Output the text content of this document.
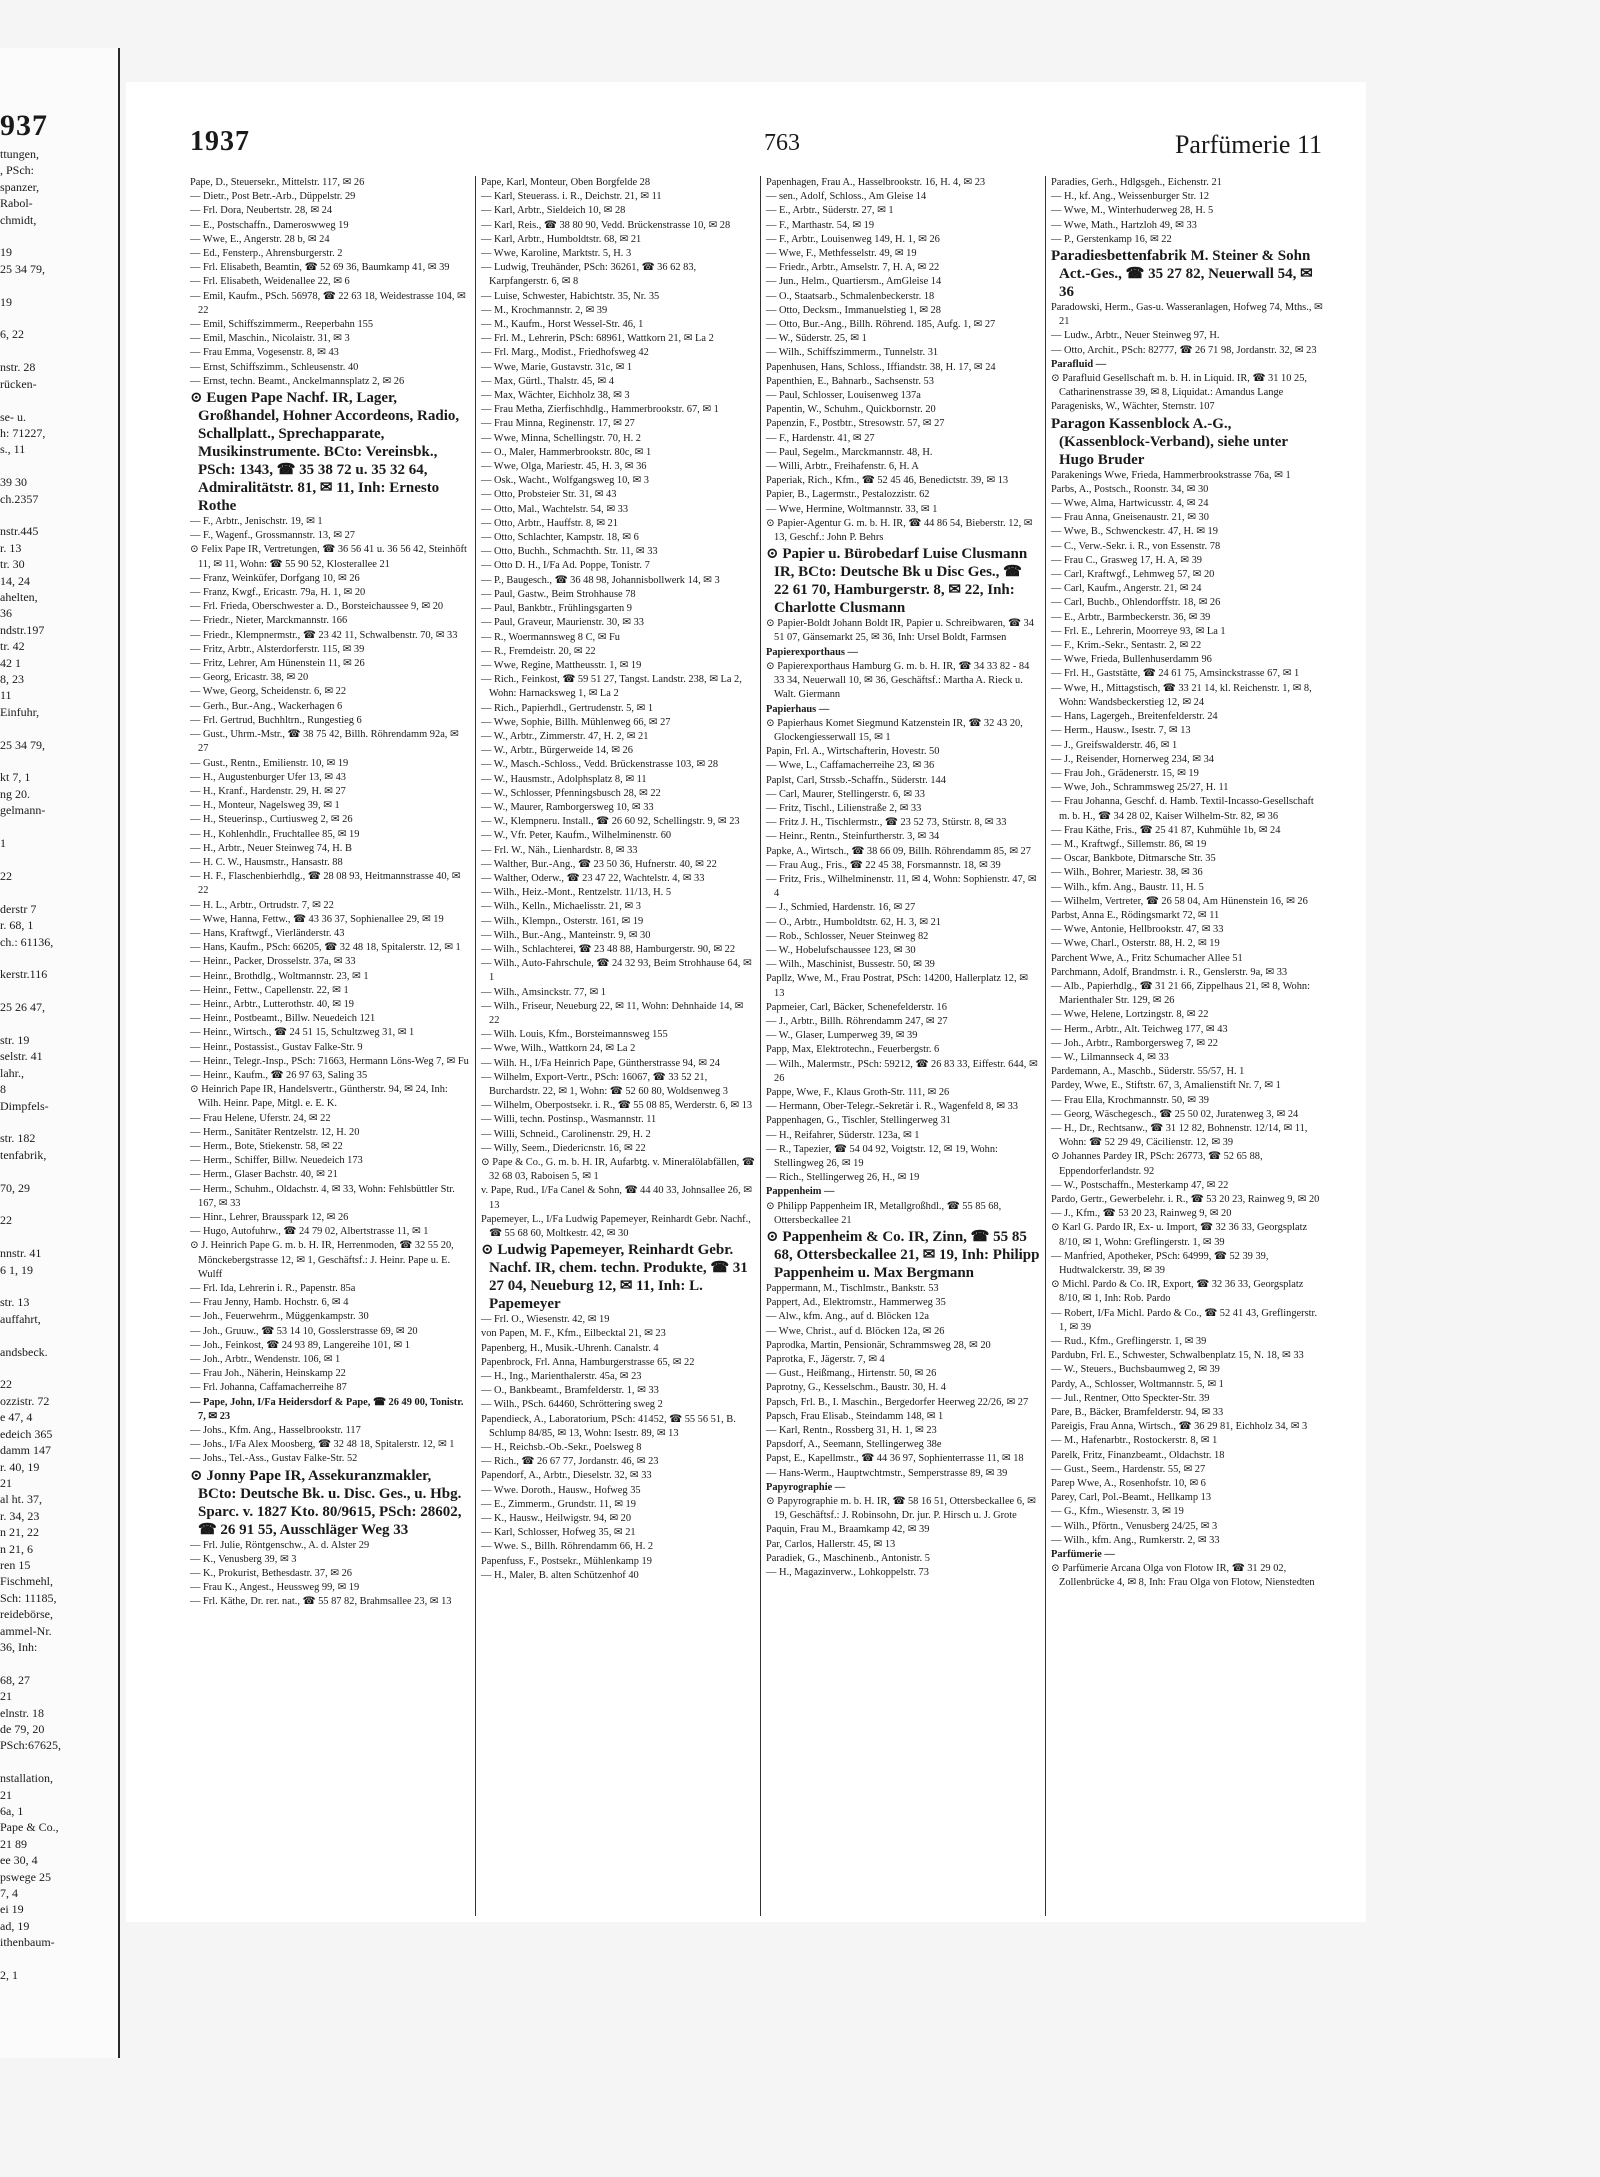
937
ttungen,
, PSch:
spanzer,
Rabol-
chmidt,

19
25 34 79,

19

6, 22

nstr. 28
rücken-

se- u.
h: 71227,
s., 11

39 30
ch.2357

nstr.445
r. 13
tr. 30
14, 24
ahelten,
36
ndstr.197
tr. 42
42 1
8, 23
11
Einfuhr,

25 34 79,

kt 7, 1
ng 20.
gelmann-

1

22

derstr 7
r. 68, 1
ch.: 61136,

kerstr.116

25 26 47,

str. 19
selstr. 41
lahr.,
8
Dimpfels-

str. 182
tenfabrik,

70, 29

22

nnstr. 41
6 1, 19

str. 13
auffahrt,

andsbeck.

22
ozzistr. 72
e 47, 4
edeich 365
damm 147
r. 40, 19
21
al ht. 37,
r. 34, 23
n 21, 22
n 21, 6
ren 15
Fischmehl,
Sch: 11185,
reidebörse,
ammel-Nr.
36, Inh:

68, 27
21
elnstr. 18
de 79, 20
PSch:67625,

nstallation,
21
6a, 1
Pape & Co.,
21 89
ee 30, 4
pswege 25
7, 4
ei 19
ad, 19
ithenbaum-

2, 1
1937	763	Parfümerie 11
Pape, D., Steuersekr., Mittelstr. 117, ✉ 26
— Dietr., Post Betr.-Arb., Düppelstr. 29
— Frl. Dora, Neubertstr. 28, ✉ 24
— E., Postschaffn., Dameroswweg 19
— Wwe, E., Angerstr. 28 b, ✉ 24
— Ed., Fensterp., Ahrensburgerstr. 2
— Frl. Elisabeth, Beamtin, ☎ 52 69 36, Baumkamp 41, ✉ 39
— Frl. Elisabeth, Weidenallee 22, ✉ 6
— Emil, Kaufm., PSch. 56978, ☎ 22 63 18, Weidestrasse 104, ✉ 22
— Emil, Schiffszimmerm., Reeperbahn 155
— Emil, Maschin., Nicolaistr. 31, ✉ 3
— Frau Emma, Vogesenstr. 8, ✉ 43
— Ernst, Schiffszimm., Schleusenstr. 40
— Ernst, techn. Beamt., Anckelmannsplatz 2, ✉ 26
⊙ Eugen Pape Nachf. IR, Lager, Großhandel, Hohner Accordeons, Radio, Schallplatt., Sprechapparate, Musikinstrumente. BCto: Vereinsbk., PSch: 1343, ☎ 35 38 72 u. 35 32 64, Admiralitätstr. 81, ✉ 11, Inh: Ernesto Rothe
— F., Arbtr., Jenischstr. 19, ✉ 1
— F., Wagenf., Grossmannstr. 13, ✉ 27
⊙ Felix Pape IR, Vertretungen, ☎ 36 56 41 u. 36 56 42, Steinhöft 11, ✉ 11, Wohn: ☎ 55 90 52, Klosterallee 21
— Franz, Weinküfer, Dorfgang 10, ✉ 26
— Franz, Kwgf., Ericastr. 79a, H. 1, ✉ 20
— Frl. Frieda, Oberschwester a. D., Borsteichaussee 9, ✉ 20
— Friedr., Nieter, Marckmannstr. 166
— Friedr., Klempnermstr., ☎ 23 42 11, Schwalbenstr. 70, ✉ 33
— Fritz, Arbtr., Alsterdorferstr. 115, ✉ 39
— Fritz, Lehrer, Am Hünenstein 11, ✉ 26
— Georg, Ericastr. 38, ✉ 20
— Wwe, Georg, Scheidenstr. 6, ✉ 22
— Gerh., Bur.-Ang., Wackerhagen 6
— Frl. Gertrud, Buchhltrn., Rungestieg 6
— Gust., Uhrm.-Mstr., ☎ 38 75 42, Billh. Röhrendamm 92a, ✉ 27
— Gust., Rentn., Emilienstr. 10, ✉ 19
— H., Augustenburger Ufer 13, ✉ 43
— H., Kranf., Hardenstr. 29, H. ✉ 27
— H., Monteur, Nagelsweg 39, ✉ 1
— H., Steuerinsp., Curtiusweg 2, ✉ 26
— H., Kohlenhdlr., Fruchtallee 85, ✉ 19
— H., Arbtr., Neuer Steinweg 74, H. B
— H. C. W., Hausmstr., Hansastr. 88
— H. F., Flaschenbierhdlg., ☎ 28 08 93, Heitmannstrasse 40, ✉ 22
— H. L., Arbtr., Ortrudstr. 7, ✉ 22
— Wwe, Hanna, Fettw., ☎ 43 36 37, Sophienallee 29, ✉ 19
— Hans, Kraftwgf., Vierländerstr. 43
— Hans, Kaufm., PSch: 66205, ☎ 32 48 18, Spitalerstr. 12, ✉ 1
— Heinr., Packer, Drosselstr. 37a, ✉ 33
— Heinr., Brothdlg., Woltmannstr. 23, ✉ 1
— Heinr., Fettw., Capellenstr. 22, ✉ 1
— Heinr., Arbtr., Lutterothstr. 40, ✉ 19
— Heinr., Postbeamt., Billw. Neuedeich 121
— Heinr., Wirtsch., ☎ 24 51 15, Schultzweg 31, ✉ 1
— Heinr., Postassist., Gustav Falke-Str. 9
— Heinr., Telegr.-Insp., PSch: 71663, Hermann Löns-Weg 7, ✉ Fu
— Heinr., Kaufm., ☎ 26 97 63, Saling 35
⊙ Heinrich Pape IR, Handelsvertr., Güntherstr. 94, ✉ 24, Inh: Wilh. Heinr. Pape, Mitgl. e. E. K.
— Frau Helene, Uferstr. 24, ✉ 22
— Herm., Sanitäter Rentzelstr. 12, H. 20
— Herm., Bote, Stiekenstr. 58, ✉ 22
— Herm., Schiffer, Billw. Neuedeich 173
— Herm., Glaser Bachstr. 40, ✉ 21
— Herm., Schuhm., Oldachstr. 4, ✉ 33, Wohn: Fehlsbüttler Str. 167, ✉ 33
— Hinr., Lehrer, Brausspark 12, ✉ 26
— Hugo, Autofuhrw., ☎ 24 79 02, Albertstrasse 11, ✉ 1
⊙ J. Heinrich Pape G. m. b. H. IR, Herrenmoden, ☎ 32 55 20, Mönckebergstrasse 12, ✉ 1, Geschäftsf.: J. Heinr. Pape u. E. Wulff
— Frl. Ida, Lehrerin i. R., Papenstr. 85a
— Frau Jenny, Hamb. Hochstr. 6, ✉ 4
— Joh., Feuerwehrm., Müggenkampstr. 30
— Joh., Gruuw., ☎ 53 14 10, Gosslerstrasse 69, ✉ 20
— Joh., Feinkost, ☎ 24 93 89, Langereihe 101, ✉ 1
— Joh., Arbtr., Wendenstr. 106, ✉ 1
— Frau Joh., Näherin, Heinskamp 22
— Frl. Johanna, Caffamacherreihe 87
— Pape, John, I/Fa Heidersdorf & Pape, ☎ 26 49 00, Tonistr. 7, ✉ 23
— Johs., Kfm. Ang., Hasselbrookstr. 117
— Johs., I/Fa Alex Moosberg, ☎ 32 48 18, Spitalerstr. 12, ✉ 1
— Johs., Tel.-Ass., Gustav Falke-Str. 52
⊙ Jonny Pape IR, Assekuranzmakler, BCto: Deutsche Bk. u. Disc. Ges., u. Hbg. Sparc. v. 1827 Kto. 80/9615, PSch: 28602, ☎ 26 91 55, Ausschläger Weg 33
— Frl. Julie, Röntgenschw., A. d. Alster 29
— K., Venusberg 39, ✉ 3
— K., Prokurist, Bethesdastr. 37, ✉ 26
— Frau K., Angest., Heussweg 99, ✉ 19
— Frl. Käthe, Dr. rer. nat., ☎ 55 87 82, Brahmsallee 23, ✉ 13
Pape, Karl, Monteur, Oben Borgfelde 28
— Karl, Steuerass. i. R., Deichstr. 21, ✉ 11
— Karl, Arbtr., Sieldeich 10, ✉ 28
— Karl, Reis., ☎ 38 80 90, Vedd. Brückenstrasse 10, ✉ 28
— Karl, Arbtr., Humboldtstr. 68, ✉ 21
— Wwe, Karoline, Marktstr. 5, H. 3
— Ludwig, Treuhänder, PSch: 36261, ☎ 36 62 83, Karpfangerstr. 6, ✉ 8
— Luise, Schwester, Habichtstr. 35, Nr. 35
— M., Krochmannstr. 2, ✉ 39
— M., Kaufm., Horst Wessel-Str. 46, 1
— Frl. M., Lehrerin, PSch: 68961, Wattkorn 21, ✉ La 2
— Frl. Marg., Modist., Friedhofsweg 42
— Wwe, Marie, Gustavstr. 31c, ✉ 1
— Max, Gürtl., Thalstr. 45, ✉ 4
— Max, Wächter, Eichholz 38, ✉ 3
— Frau Metha, Zierfischhdlg., Hammerbrookstr. 67, ✉ 1
— Frau Minna, Reginenstr. 17, ✉ 27
— Wwe, Minna, Schellingstr. 70, H. 2
— O., Maler, Hammerbrookstr. 80c, ✉ 1
— Wwe, Olga, Mariestr. 45, H. 3, ✉ 36
— Osk., Wacht., Wolfgangsweg 10, ✉ 3
— Otto, Probsteier Str. 31, ✉ 43
— Otto, Mal., Wachtelstr. 54, ✉ 33
— Otto, Arbtr., Hauffstr. 8, ✉ 21
— Otto, Schlachter, Kampstr. 18, ✉ 6
— Otto, Buchh., Schmachth. Str. 11, ✉ 33
— Otto D. H., I/Fa Ad. Poppe, Tonistr. 7
— P., Baugesch., ☎ 36 48 98, Johannisbollwerk 14, ✉ 3
— Paul, Gastw., Beim Strohhause 78
— Paul, Bankbtr., Frühlingsgarten 9
— Paul, Graveur, Maurienstr. 30, ✉ 33
— R., Woermannsweg 8 C, ✉ Fu
— R., Fremdeistr. 20, ✉ 22
— Wwe, Regine, Mattheusstr. 1, ✉ 19
— Rich., Feinkost, ☎ 59 51 27, Tangst. Landstr. 238, ✉ La 2, Wohn: Harnacksweg 1, ✉ La 2
— Rich., Papierhdl., Gertrudenstr. 5, ✉ 1
— Wwe, Sophie, Billh. Mühlenweg 66, ✉ 27
— W., Arbtr., Zimmerstr. 47, H. 2, ✉ 21
— W., Arbtr., Bürgerweide 14, ✉ 26
— W., Masch.-Schloss., Vedd. Brückenstrasse 103, ✉ 28
— W., Hausmstr., Adolphsplatz 8, ✉ 11
— W., Schlosser, Pfenningsbusch 28, ✉ 22
— W., Maurer, Ramborgersweg 10, ✉ 33
— W., Klempneru. Install., ☎ 26 60 92, Schellingstr. 9, ✉ 23
— W., Vfr. Peter, Kaufm., Wilhelminenstr. 60
— Frl. W., Näh., Lienhardstr. 8, ✉ 33
— Walther, Bur.-Ang., ☎ 23 50 36, Hufnerstr. 40, ✉ 22
— Walther, Oderw., ☎ 23 47 22, Wachtelstr. 4, ✉ 33
— Wilh., Heiz.-Mont., Rentzelstr. 11/13, H. 5
— Wilh., Kelln., Michaelisstr. 21, ✉ 3
— Wilh., Klempn., Osterstr. 161, ✉ 19
— Wilh., Bur.-Ang., Manteinstr. 9, ✉ 30
— Wilh., Schlachterei, ☎ 23 48 88, Hamburgerstr. 90, ✉ 22
— Wilh., Auto-Fahrschule, ☎ 24 32 93, Beim Strohhause 64, ✉ 1
— Wilh., Amsinckstr. 77, ✉ 1
— Wilh., Friseur, Neueburg 22, ✉ 11, Wohn: Dehnhaide 14, ✉ 22
— Wilh. Louis, Kfm., Borsteimannsweg 155
— Wwe, Wilh., Wattkorn 24, ✉ La 2
— Wilh. H., I/Fa Heinrich Pape, Güntherstrasse 94, ✉ 24
— Wilhelm, Export-Vertr., PSch: 16067, ☎ 33 52 21, Burchardstr. 22, ✉ 1, Wohn: ☎ 52 60 80, Woldsenweg 3
— Wilhelm, Oberpostsekr. i. R., ☎ 55 08 85, Werderstr. 6, ✉ 13
— Willi, techn. Postinsp., Wasmannstr. 11
— Willi, Schneid., Carolinenstr. 29, H. 2
— Willy, Seem., Diedericnstr. 16, ✉ 22
⊙ Pape & Co., G. m. b. H. IR, Aufarbtg. v. Mineralölabfällen, ☎ 32 68 03, Raboisen 5, ✉ 1
v. Pape, Rud., I/Fa Canel & Sohn, ☎ 44 40 33, Johnsallee 26, ✉ 13
Papemeyer, L., I/Fa Ludwig Papemeyer, Reinhardt Gebr. Nachf., ☎ 55 68 60, Moltkestr. 42, ✉ 30
⊙ Ludwig Papemeyer, Reinhardt Gebr. Nachf. IR, chem. techn. Produkte, ☎ 31 27 04, Neueburg 12, ✉ 11, Inh: L. Papemeyer
— Frl. O., Wiesenstr. 42, ✉ 19
von Papen, M. F., Kfm., Eilbecktal 21, ✉ 23
Papenberg, H., Musik.-Uhrenh. Canalstr. 4
Papenbrock, Frl. Anna, Hamburgerstrasse 65, ✉ 22
— H., Ing., Marienthalerstr. 45a, ✉ 23
— O., Bankbeamt., Bramfelderstr. 1, ✉ 33
— Wilh., PSch. 64460, Schröttering sweg 2
Papendieck, A., Laboratorium, PSch: 41452, ☎ 55 56 51, B. Schlump 84/85, ✉ 13, Wohn: Isestr. 89, ✉ 13
— H., Reichsb.-Ob.-Sekr., Poelsweg 8
— Rich., ☎ 26 67 77, Jordanstr. 46, ✉ 23
Papendorf, A., Arbtr., Dieselstr. 32, ✉ 33
— Wwe. Doroth., Hausw., Hofweg 35
— E., Zimmerm., Grundstr. 11, ✉ 19
— K., Hausw., Heilwigstr. 94, ✉ 20
— Karl, Schlosser, Hofweg 35, ✉ 21
— Wwe. S., Billh. Röhrendamm 66, H. 2
Papenfuss, F., Postsekr., Mühlenkamp 19
— H., Maler, B. alten Schützenhof 40
Papenhagen, Frau A., Hasselbrookstr. 16, H. 4, ✉ 23
— sen., Adolf, Schloss., Am Gleise 14
— E., Arbtr., Süderstr. 27, ✉ 1
— F., Marthastr. 54, ✉ 19
— F., Arbtr., Louisenweg 149, H. 1, ✉ 26
— Wwe, F., Methfesselstr. 49, ✉ 19
— Friedr., Arbtr., Amselstr. 7, H. A, ✉ 22
— Jun., Helm., Quartiersm., AmGleise 14
— O., Staatsarb., Schmalenbeckerstr. 18
— Otto, Decksm., Immanuelstieg 1, ✉ 28
— Otto, Bur.-Ang., Billh. Röhrend. 185, Aufg. 1, ✉ 27
— W., Süderstr. 25, ✉ 1
— Wilh., Schiffszimmerm., Tunnelstr. 31
Papenhusen, Hans, Schloss., Iffiandstr. 38, H. 17, ✉ 24
Papenthien, E., Bahnarb., Sachsenstr. 53
— Paul, Schlosser, Louisenweg 137a
Papentin, W., Schuhm., Quickbornstr. 20
Papenzin, F., Postbtr., Stresowstr. 57, ✉ 27
— F., Hardenstr. 41, ✉ 27
— Paul, Segelm., Marckmannstr. 48, H.
— Willi, Arbtr., Freihafenstr. 6, H. A
Paperiak, Rich., Kfm., ☎ 52 45 46, Benedictstr. 39, ✉ 13
Papier, B., Lagermstr., Pestalozzistr. 62
— Wwe, Hermine, Woltmannstr. 33, ✉ 1
⊙ Papier-Agentur G. m. b. H. IR, ☎ 44 86 54, Bieberstr. 12, ✉ 13, Geschf.: John P. Behrs
⊙ Papier u. Bürobedarf Luise Clusmann IR, BCto: Deutsche Bk u Disc Ges., ☎ 22 61 70, Hamburgerstr. 8, ✉ 22, Inh: Charlotte Clusmann
⊙ Papier-Boldt Johann Boldt IR, Papier u. Schreibwaren, ☎ 34 51 07, Gänsemarkt 25, ✉ 36, Inh: Ursel Boldt, Farmsen
Papierexporthaus —
⊙ Papierexporthaus Hamburg G. m. b. H. IR, ☎ 34 33 82 - 84 33 34, Neuerwall 10, ✉ 36, Geschäftsf.: Martha A. Rieck u. Walt. Giermann
Papierhaus —
⊙ Papierhaus Komet Siegmund Katzenstein IR, ☎ 32 43 20, Glockengiesserwall 15, ✉ 1
Papin, Frl. A., Wirtschafterin, Hovestr. 50
— Wwe, L., Caffamacherreihe 23, ✉ 36
Paplst, Carl, Strssb.-Schaffn., Süderstr. 144
— Carl, Maurer, Stellingerstr. 6, ✉ 33
— Fritz, Tischl., Lilienstraße 2, ✉ 33
— Fritz J. H., Tischlermstr., ☎ 23 52 73, Stürstr. 8, ✉ 33
— Heinr., Rentn., Steinfurtherstr. 3, ✉ 34
Papke, A., Wirtsch., ☎ 38 66 09, Billh. Röhrendamm 85, ✉ 27
— Frau Aug., Fris., ☎ 22 45 38, Forsmannstr. 18, ✉ 39
— Fritz, Fris., Wilhelminenstr. 11, ✉ 4, Wohn: Sophienstr. 47, ✉ 4
— J., Schmied, Hardenstr. 16, ✉ 27
— O., Arbtr., Humboldtstr. 62, H. 3, ✉ 21
— Rob., Schlosser, Neuer Steinweg 82
— W., Hobelufschaussee 123, ✉ 30
— Wilh., Maschinist, Bussestr. 50, ✉ 39
Papllz, Wwe, M., Frau Postrat, PSch: 14200, Hallerplatz 12, ✉ 13
Papmeier, Carl, Bäcker, Schenefelderstr. 16
— J., Arbtr., Billh. Röhrendamm 247, ✉ 27
— W., Glaser, Lumperweg 39, ✉ 39
Papp, Max, Elektrotechn., Feuerbergstr. 6
— Wilh., Malermstr., PSch: 59212, ☎ 26 83 33, Eiffestr. 644, ✉ 26
Pappe, Wwe, F., Klaus Groth-Str. 111, ✉ 26
— Hermann, Ober-Telegr.-Sekretär i. R., Wagenfeld 8, ✉ 33
Pappenhagen, G., Tischler, Stellingerweg 31
— H., Reifahrer, Süderstr. 123a, ✉ 1
— R., Tapezier, ☎ 54 04 92, Voigtstr. 12, ✉ 19, Wohn: Stellingweg 26, ✉ 19
— Rich., Stellingerweg 26, H., ✉ 19
Pappenheim —
⊙ Philipp Pappenheim IR, Metallgroßhdl., ☎ 55 85 68, Ottersbeckallee 21
⊙ Pappenheim & Co. IR, Zinn, ☎ 55 85 68, Ottersbeckallee 21, ✉ 19, Inh: Philipp Pappenheim u. Max Bergmann
Pappermann, M., Tischlmstr., Bankstr. 53
Pappert, Ad., Elektromstr., Hammerweg 35
— Alw., kfm. Ang., auf d. Blöcken 12a
— Wwe, Christ., auf d. Blöcken 12a, ✉ 26
Paprodka, Martin, Pensionär, Schrammsweg 28, ✉ 20
Paprotka, F., Jägerstr. 7, ✉ 4
— Gust., Heißmang., Hirtenstr. 50, ✉ 26
Paprotny, G., Kesselschm., Baustr. 30, H. 4
Papsch, Frl. B., I. Maschin., Bergedorfer Heerweg 22/26, ✉ 27
Papsch, Frau Elisab., Steindamm 148, ✉ 1
— Karl, Rentn., Rossberg 31, H. 1, ✉ 23
Papsdorf, A., Seemann, Stellingerweg 38e
Papst, E., Kapellmstr., ☎ 44 36 97, Sophienterrasse 11, ✉ 18
— Hans-Werm., Hauptwchtmstr., Semperstrasse 89, ✉ 39
Papyrographie —
⊙ Papyrographie m. b. H. IR, ☎ 58 16 51, Ottersbeckallee 6, ✉ 19, Geschäftsf.: J. Robinsohn, Dr. jur. P. Hirsch u. J. Grote
Paquin, Frau M., Braamkamp 42, ✉ 39
Par, Carlos, Hallerstr. 45, ✉ 13
Paradiek, G., Maschinenb., Antonistr. 5
— H., Magazinverw., Lohkoppelstr. 73
Paradies, Gerh., Hdlgsgeh., Eichenstr. 21
— H., kf. Ang., Weissenburger Str. 12
— Wwe, M., Winterhuderweg 28, H. 5
— Wwe, Math., Hartzloh 49, ✉ 33
— P., Gerstenkamp 16, ✉ 22
Paradiesbettenfabrik M. Steiner & Sohn Act.-Ges., ☎ 35 27 82, Neuerwall 54, ✉ 36
Paradowski, Herm., Gas-u. Wasseranlagen, Hofweg 74, Mths., ✉ 21
— Ludw., Arbtr., Neuer Steinweg 97, H.
— Otto, Archit., PSch: 82777, ☎ 26 71 98, Jordanstr. 32, ✉ 23
Parafluid —
⊙ Parafluid Gesellschaft m. b. H. in Liquid. IR, ☎ 31 10 25, Catharinenstrasse 39, ✉ 8, Liquidat.: Amandus Lange
Paragenisks, W., Wächter, Sternstr. 107
Paragon Kassenblock A.-G., (Kassenblock-Verband), siehe unter Hugo Bruder
Parakenings Wwe, Frieda, Hammerbrookstrasse 76a, ✉ 1
Parbs, A., Postsch., Roonstr. 34, ✉ 30
— Wwe, Alma, Hartwicusstr. 4, ✉ 24
— Frau Anna, Gneisenaustr. 21, ✉ 30
— Wwe, B., Schwenckestr. 47, H. ✉ 19
— C., Verw.-Sekr. i. R., von Essenstr. 78
— Frau C., Grasweg 17, H. A, ✉ 39
— Carl, Kraftwgf., Lehmweg 57, ✉ 20
— Carl, Kaufm., Angerstr. 21, ✉ 24
— Carl, Buchb., Ohlendorffstr. 18, ✉ 26
— E., Arbtr., Barmbeckerstr. 36, ✉ 39
— Frl. E., Lehrerin, Moorreye 93, ✉ La 1
— F., Krim.-Sekr., Sentastr. 2, ✉ 22
— Wwe, Frieda, Bullenhuserdamm 96
— Frl. H., Gaststätte, ☎ 24 61 75, Amsinckstrasse 67, ✉ 1
— Wwe, H., Mittagstisch, ☎ 33 21 14, kl. Reichenstr. 1, ✉ 8, Wohn: Wandsbeckerstieg 12, ✉ 24
— Hans, Lagergeh., Breitenfelderstr. 24
— Herm., Hausw., Isestr. 7, ✉ 13
— J., Greifswalderstr. 46, ✉ 1
— J., Reisender, Hornerweg 234, ✉ 34
— Frau Joh., Grädenerstr. 15, ✉ 19
— Wwe, Joh., Schrammsweg 25/27, H. 11
— Frau Johanna, Geschf. d. Hamb. Textil-Incasso-Gesellschaft m. b. H., ☎ 34 28 02, Kaiser Wilhelm-Str. 82, ✉ 36
— Frau Käthe, Fris., ☎ 25 41 87, Kuhmühle 1b, ✉ 24
— M., Kraftwgf., Sillemstr. 86, ✉ 19
— Oscar, Bankbote, Ditmarsche Str. 35
— Wilh., Bohrer, Mariestr. 38, ✉ 36
— Wilh., kfm. Ang., Baustr. 11, H. 5
— Wilhelm, Vertreter, ☎ 26 58 04, Am Hünenstein 16, ✉ 26
Parbst, Anna E., Rödingsmarkt 72, ✉ 11
— Wwe, Antonie, Hellbrookstr. 47, ✉ 33
— Wwe, Charl., Osterstr. 88, H. 2, ✉ 19
Parchent Wwe, A., Fritz Schumacher Allee 51
Parchmann, Adolf, Brandmstr. i. R., Genslerstr. 9a, ✉ 33
— Alb., Papierhdlg., ☎ 31 21 66, Zippelhaus 21, ✉ 8, Wohn: Marienthaler Str. 129, ✉ 26
— Wwe, Helene, Lortzingstr. 8, ✉ 22
— Herm., Arbtr., Alt. Teichweg 177, ✉ 43
— Joh., Arbtr., Ramborgersweg 7, ✉ 22
— W., Lilmannseck 4, ✉ 33
Pardemann, A., Maschb., Süderstr. 55/57, H. 1
Pardey, Wwe, E., Stiftstr. 67, 3, Amalienstift Nr. 7, ✉ 1
— Frau Ella, Krochmannstr. 50, ✉ 39
— Georg, Wäschegesch., ☎ 25 50 02, Juratenweg 3, ✉ 24
— H., Dr., Rechtsanw., ☎ 31 12 82, Bohnenstr. 12/14, ✉ 11, Wohn: ☎ 52 29 49, Cäcilienstr. 12, ✉ 39
⊙ Johannes Pardey IR, PSch: 26773, ☎ 52 65 88, Eppendorferlandstr. 92
— W., Postschaffn., Mesterkamp 47, ✉ 22
Pardo, Gertr., Gewerbelehr. i. R., ☎ 53 20 23, Rainweg 9, ✉ 20
— J., Kfm., ☎ 53 20 23, Rainweg 9, ✉ 20
⊙ Karl G. Pardo IR, Ex- u. Import, ☎ 32 36 33, Georgsplatz 8/10, ✉ 1, Wohn: Greflingerstr. 1, ✉ 39
— Manfried, Apotheker, PSch: 64999, ☎ 52 39 39, Hudtwalckerstr. 39, ✉ 39
⊙ Michl. Pardo & Co. IR, Export, ☎ 32 36 33, Georgsplatz 8/10, ✉ 1, Inh: Rob. Pardo
— Robert, I/Fa Michl. Pardo & Co., ☎ 52 41 43, Greflingerstr. 1, ✉ 39
— Rud., Kfm., Greflingerstr. 1, ✉ 39
Pardubn, Frl. E., Schwester, Schwalbenplatz 15, N. 18, ✉ 33
— W., Steuers., Buchsbaumweg 2, ✉ 39
Pardy, A., Schlosser, Woltmannstr. 5, ✉ 1
— Jul., Rentner, Otto Speckter-Str. 39
Pare, B., Bäcker, Bramfelderstr. 94, ✉ 33
Pareigis, Frau Anna, Wirtsch., ☎ 36 29 81, Eichholz 34, ✉ 3
— M., Hafenarbtr., Rostockerstr. 8, ✉ 1
Parelk, Fritz, Finanzbeamt., Oldachstr. 18
— Gust., Seem., Hardenstr. 55, ✉ 27
Parep Wwe, A., Rosenhofstr. 10, ✉ 6
Parey, Carl, Pol.-Beamt., Hellkamp 13
— G., Kfm., Wiesenstr. 3, ✉ 19
— Wilh., Pförtn., Venusberg 24/25, ✉ 3
— Wilh., kfm. Ang., Rumkerstr. 2, ✉ 33
Parfümerie —
⊙ Parfümerie Arcana Olga von Flotow IR, ☎ 31 29 02, Zollenbrücke 4, ✉ 8, Inh: Frau Olga von Flotow, Nienstedten
